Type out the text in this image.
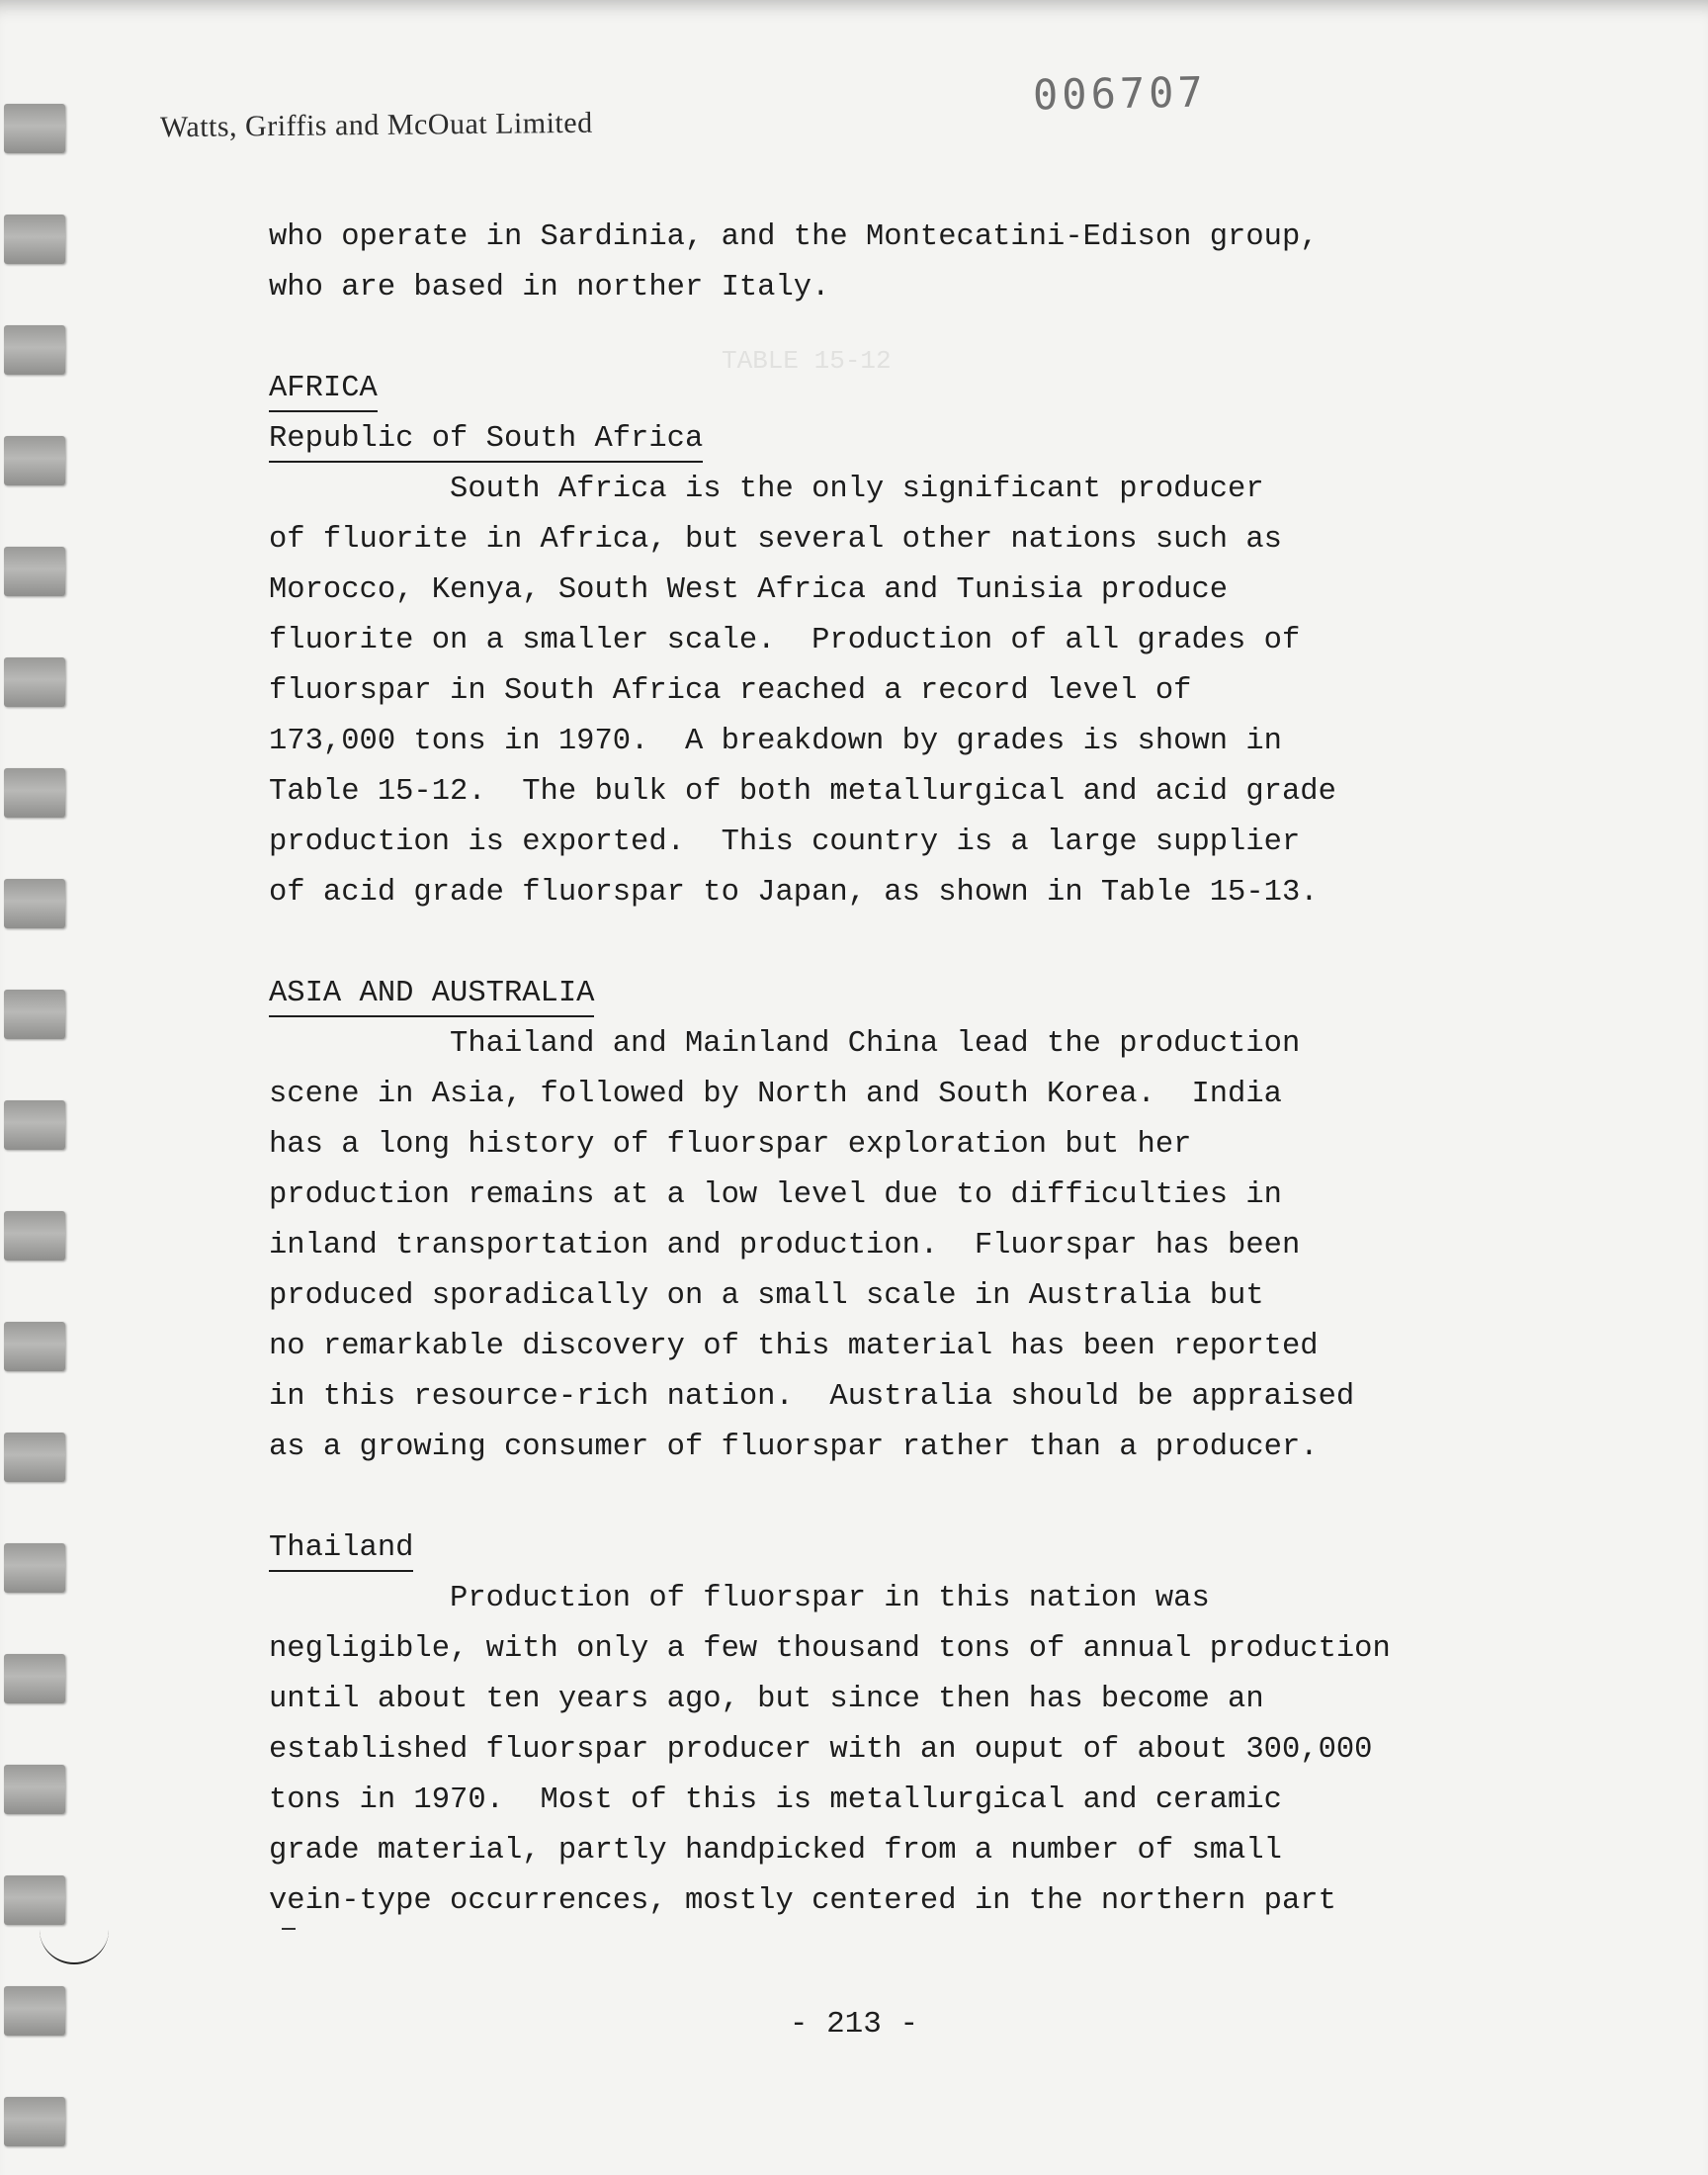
Watts, Griffis and McOuat Limited
006707
TABLE 15-12
who operate in Sardinia, and the Montecatini-Edison group,
who are based in norther Italy.
AFRICA
Republic of South Africa
South Africa is the only significant producer
of fluorite in Africa, but several other nations such as
Morocco, Kenya, South West Africa and Tunisia produce
fluorite on a smaller scale.  Production of all grades of
fluorspar in South Africa reached a record level of
173,000 tons in 1970.  A breakdown by grades is shown in
Table 15-12.  The bulk of both metallurgical and acid grade
production is exported.  This country is a large supplier
of acid grade fluorspar to Japan, as shown in Table 15-13.
ASIA AND AUSTRALIA
Thailand and Mainland China lead the production
scene in Asia, followed by North and South Korea.  India
has a long history of fluorspar exploration but her
production remains at a low level due to difficulties in
inland transportation and production.  Fluorspar has been
produced sporadically on a small scale in Australia but
no remarkable discovery of this material has been reported
in this resource-rich nation.  Australia should be appraised
as a growing consumer of fluorspar rather than a producer.
Thailand
Production of fluorspar in this nation was
negligible, with only a few thousand tons of annual production
until about ten years ago, but since then has become an
established fluorspar producer with an ouput of about 300,000
tons in 1970.  Most of this is metallurgical and ceramic
grade material, partly handpicked from a number of small
vein-type occurrences, mostly centered in the northern part
- 213 -
